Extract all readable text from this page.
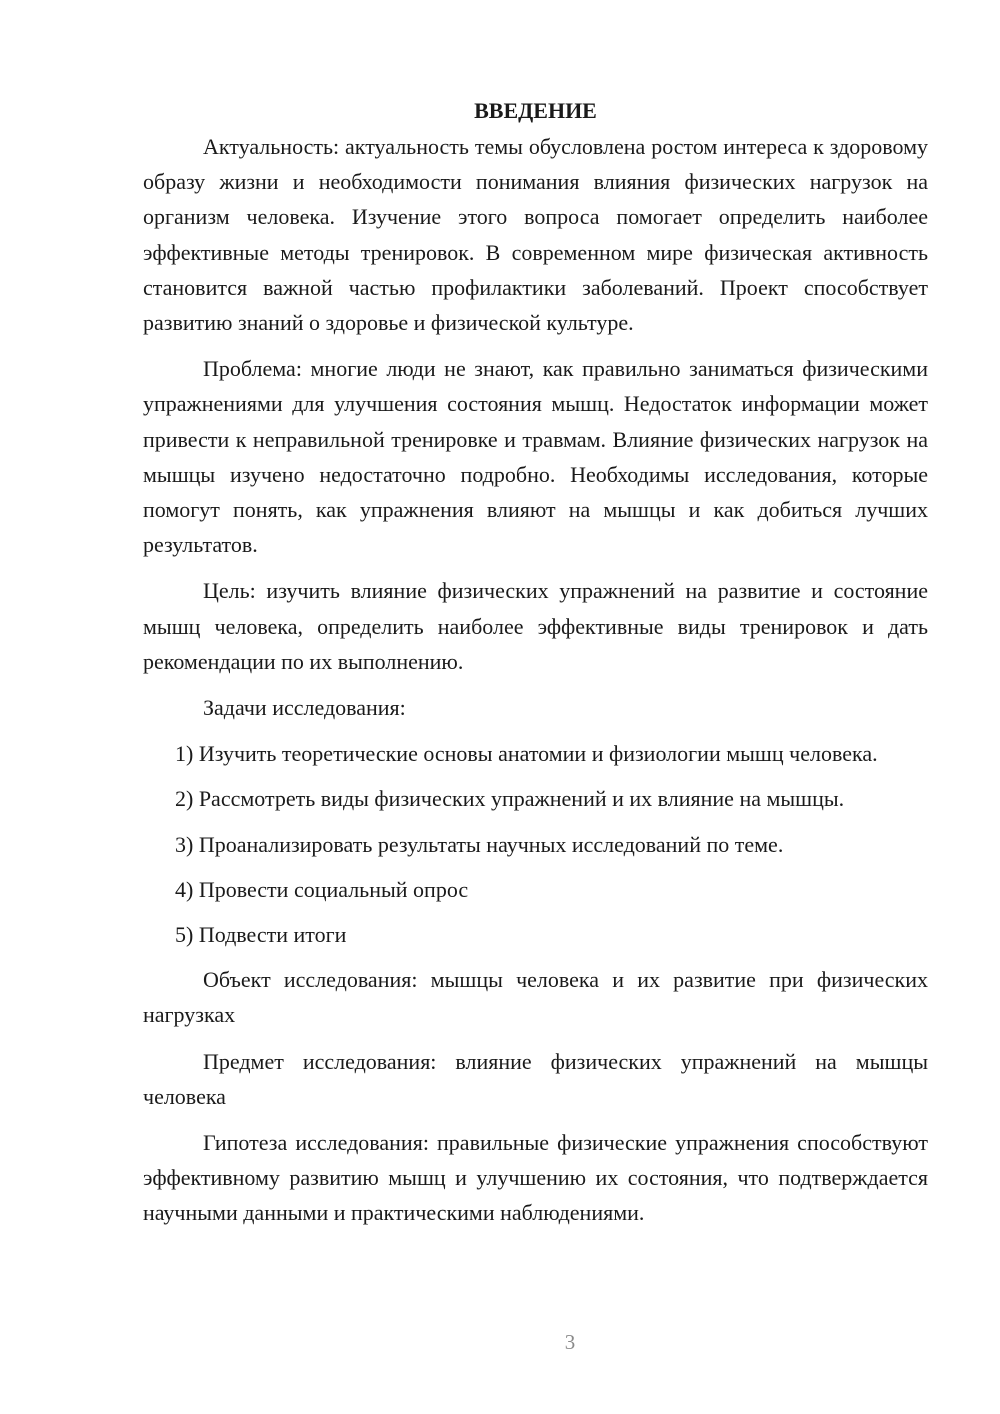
ВВЕДЕНИЕ

Актуальность: актуальность темы обусловлена ростом интереса к здоровому образу жизни и необходимости понимания влияния физических нагрузок на организм человека. Изучение этого вопроса помогает определить наиболее эффективные методы тренировок. В современном мире физическая активность становится важной частью профилактики заболеваний. Проект способствует развитию знаний о здоровье и физической культуре.

Проблема: многие люди не знают, как правильно заниматься физическими упражнениями для улучшения состояния мышц. Недостаток информации может привести к неправильной тренировке и травмам. Влияние физических нагрузок на мышцы изучено недостаточно подробно. Необходимы исследования, которые помогут понять, как упражнения влияют на мышцы и как добиться лучших результатов.

Цель: изучить влияние физических упражнений на развитие и состояние мышц человека, определить наиболее эффективные виды тренировок и дать рекомендации по их выполнению.

Задачи исследования:

1) Изучить теоретические основы анатомии и физиологии мышц человека.

2) Рассмотреть виды физических упражнений и их влияние на мышцы.

3) Проанализировать результаты научных исследований по теме.

4) Провести социальный опрос

5) Подвести итоги

Объект исследования: мышцы человека и их развитие при физических нагрузках

Предмет исследования: влияние физических упражнений на мышцы человека

Гипотеза исследования: правильные физические упражнения способствуют эффективному развитию мышц и улучшению их состояния, что подтверждается научными данными и практическими наблюдениями.

3
